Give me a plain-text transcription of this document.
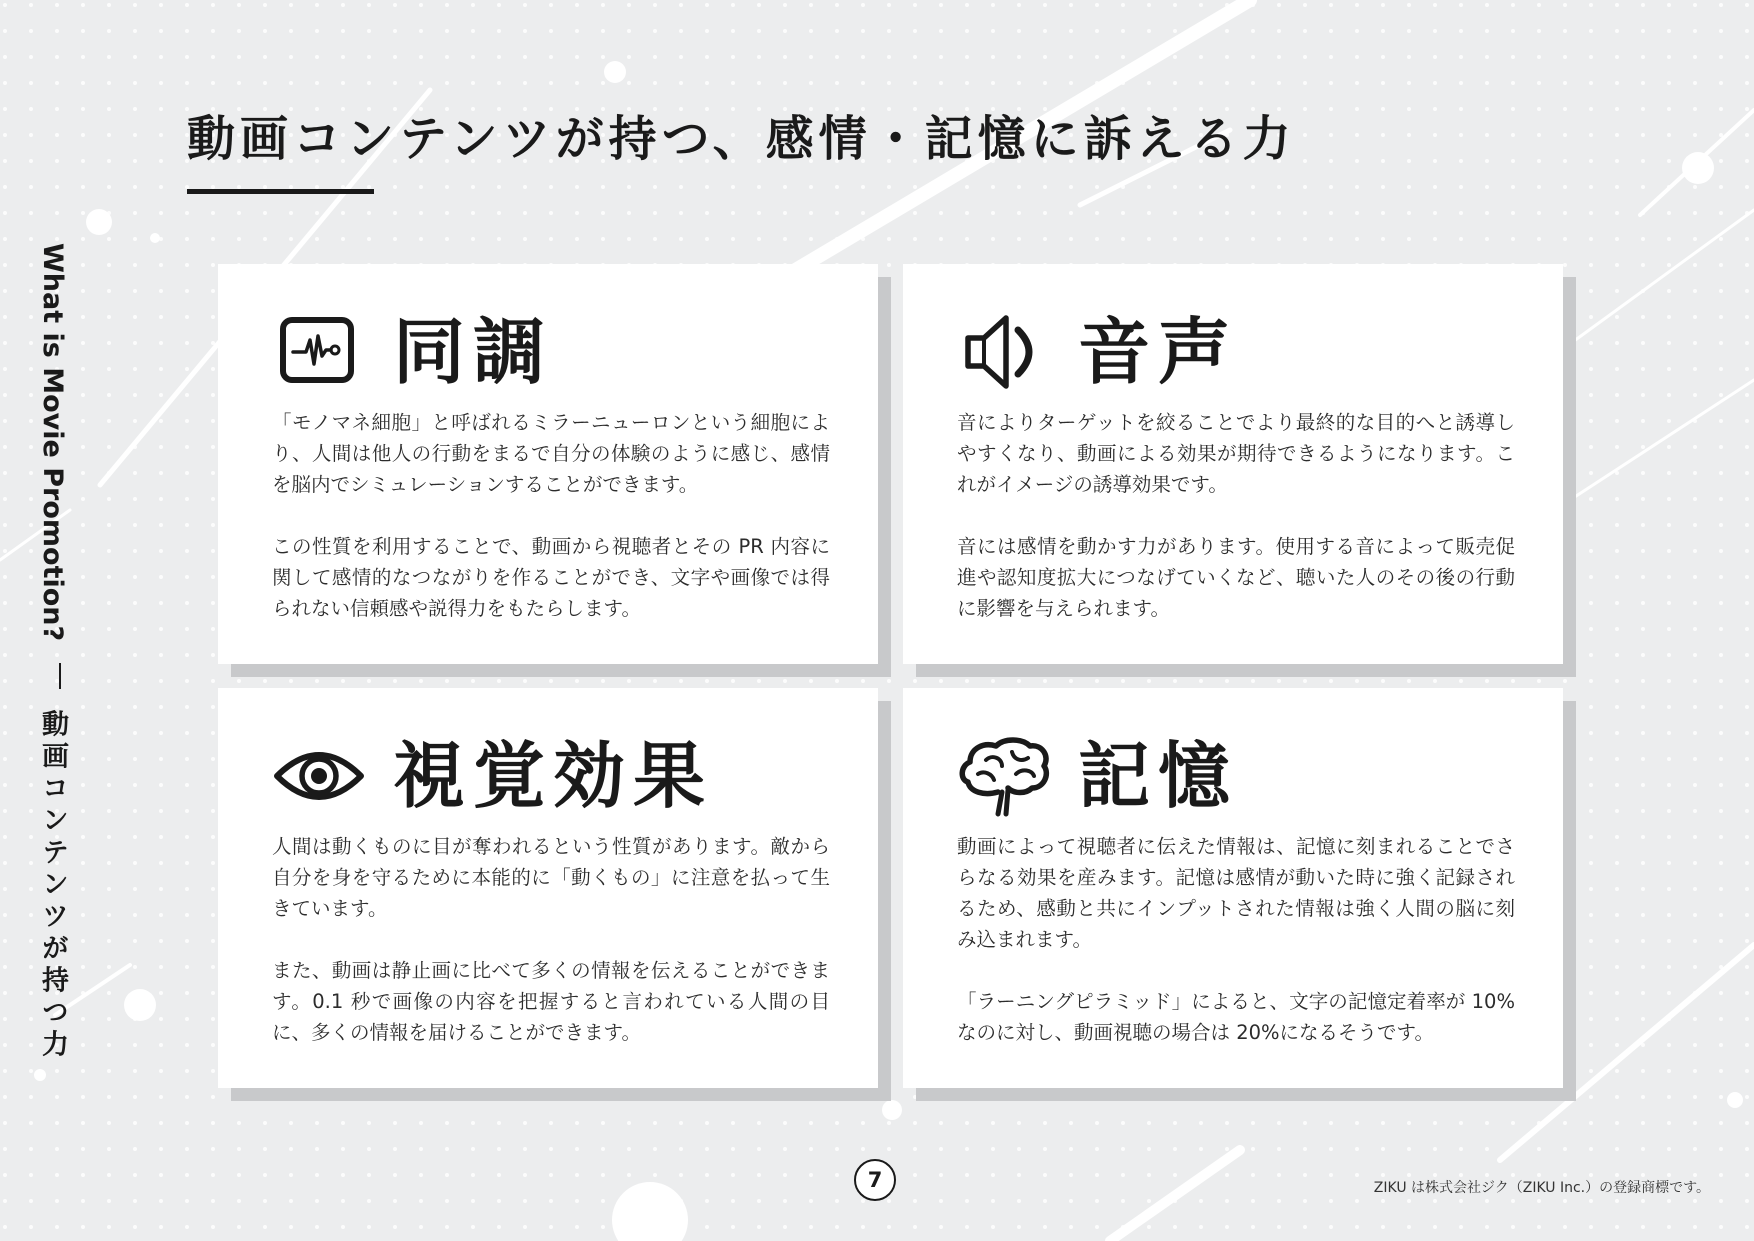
動画コンテンツが持つ、感情・記憶に訴える力
What is Movie Promotion?  動画コンテンツが持つ力
同調

「モノマネ細胞」と呼ばれるミラーニューロンという細胞により、人間は他人の行動をまるで自分の体験のように感じ、感情を脳内でシミュレーションすることができます。

この性質を利用することで、動画から視聴者とその PR 内容に関して感情的なつながりを作ることができ、文字や画像では得られない信頼感や説得力をもたらします。

音声

音によりターゲットを絞ることでより最終的な目的へと誘導しやすくなり、動画による効果が期待できるようになります。これがイメージの誘導効果です。

音には感情を動かす力があります。使用する音によって販売促進や認知度拡大につなげていくなど、聴いた人のその後の行動に影響を与えられます。

視覚効果

人間は動くものに目が奪われるという性質があります。敵から自分を身を守るために本能的に「動くもの」に注意を払って生きています。

また、動画は静止画に比べて多くの情報を伝えることができます。0.1 秒で画像の内容を把握すると言われている人間の目に、多くの情報を届けることができます。

記憶

動画によって視聴者に伝えた情報は、記憶に刻まれることでさらなる効果を産みます。記憶は感情が動いた時に強く記録されるため、感動と共にインプットされた情報は強く人間の脳に刻み込まれます。

「ラーニングピラミッド」によると、文字の記憶定着率が 10%なのに対し、動画視聴の場合は 20%になるそうです。

7	ZIKU は株式会社ジク（ZIKU Inc.）の登録商標です。
